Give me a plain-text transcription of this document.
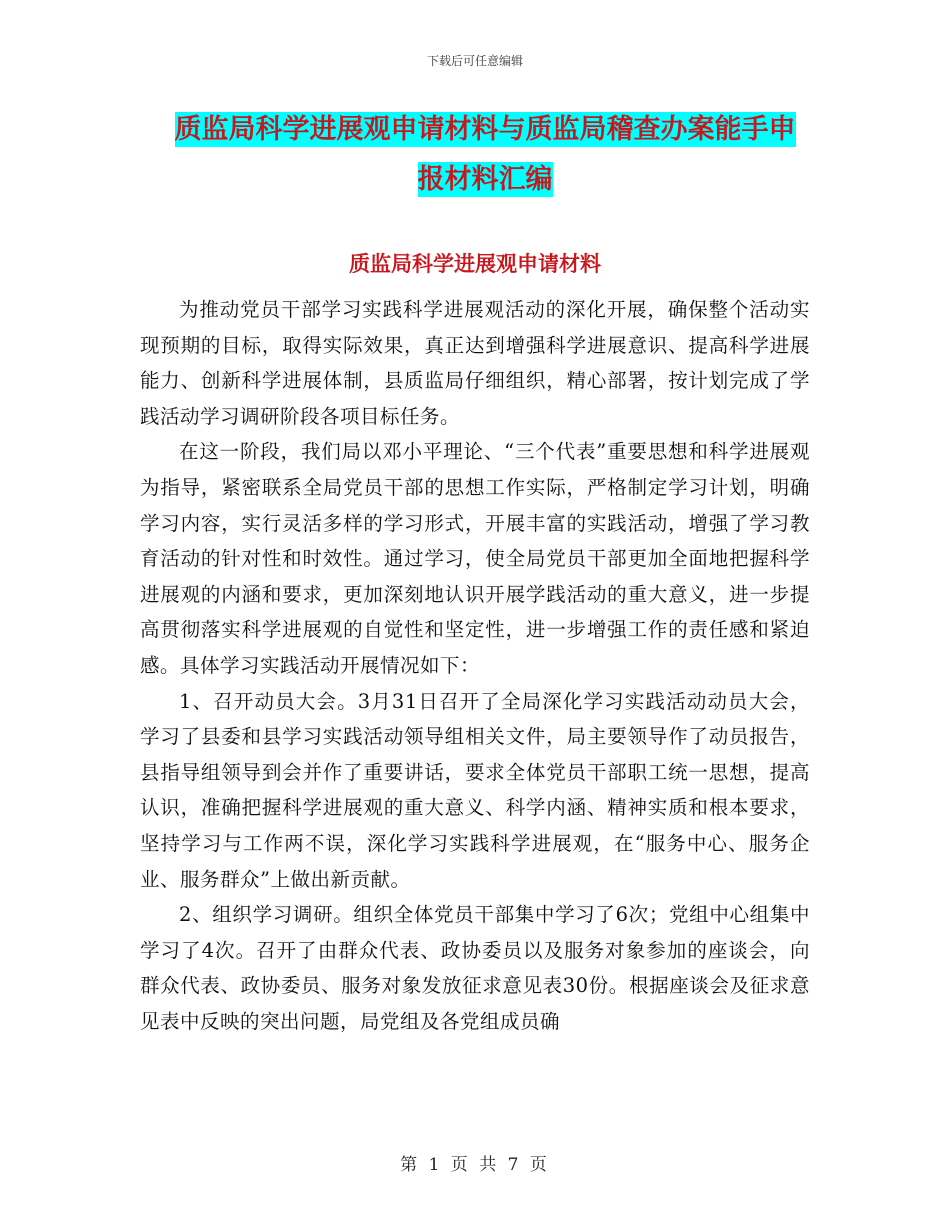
下载后可任意编辑
质监局科学进展观申请材料与质监局稽查办案能手申
报材料汇编
质监局科学进展观申请材料

为推动党员干部学习实践科学进展观活动的深化开展，确保整个活动实现预期的目标，取得实际效果，真正达到增强科学进展意识、提高科学进展能力、创新科学进展体制，县质监局仔细组织，精心部署，按计划完成了学践活动学习调研阶段各项目标任务。

在这一阶段，我们局以邓小平理论、“三个代表”重要思想和科学进展观为指导，紧密联系全局党员干部的思想工作实际，严格制定学习计划，明确学习内容，实行灵活多样的学习形式，开展丰富的实践活动，增强了学习教育活动的针对性和时效性。通过学习，使全局党员干部更加全面地把握科学进展观的内涵和要求，更加深刻地认识开展学践活动的重大意义，进一步提高贯彻落实科学进展观的自觉性和坚定性，进一步增强工作的责任感和紧迫感。具体学习实践活动开展情况如下：

1、召开动员大会。3月31日召开了全局深化学习实践活动动员大会，学习了县委和县学习实践活动领导组相关文件，局主要领导作了动员报告，县指导组领导到会并作了重要讲话，要求全体党员干部职工统一思想，提高认识，准确把握科学进展观的重大意义、科学内涵、精神实质和根本要求，坚持学习与工作两不误，深化学习实践科学进展观，在“服务中心、服务企业、服务群众”上做出新贡献。

2、组织学习调研。组织全体党员干部集中学习了6次；党组中心组集中学习了4次。召开了由群众代表、政协委员以及服务对象参加的座谈会，向群众代表、政协委员、服务对象发放征求意见表30份。根据座谈会及征求意见表中反映的突出问题，局党组及各党组成员确

第 1 页 共 7 页
